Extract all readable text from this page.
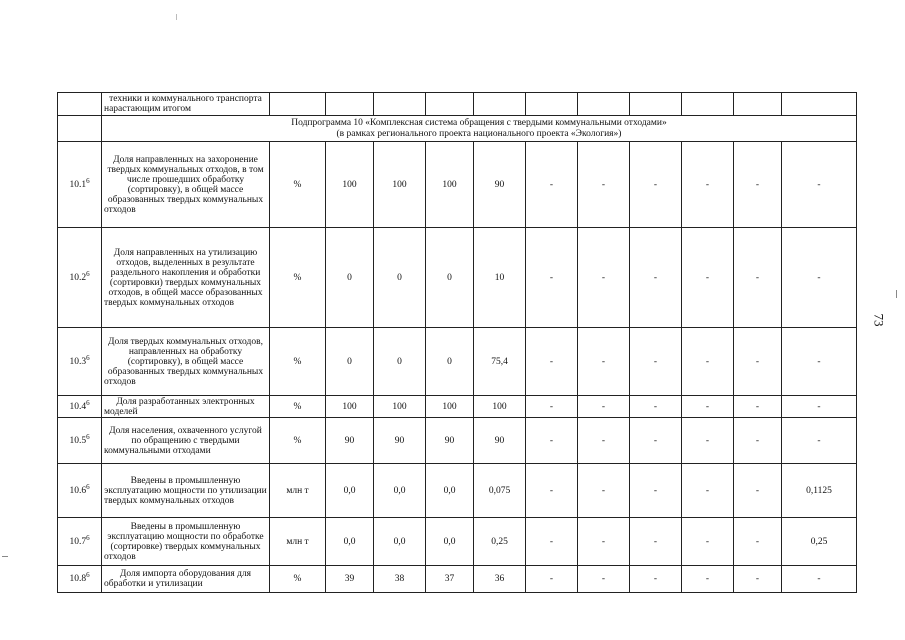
	техники и коммунального транспорта нарастающим итогом											

	Подпрограмма 10 «Комплексная система обращения с твердыми коммунальными отходами»
(в рамках регионального проекта национального проекта «Экология»)											

10.1$^6$	Доля направленных на захоронение твердых коммунальных отходов, в том числе прошедших обработку (сортировку), в общей массе образованных твердых коммунальных отходов	%	100	100	100	90	-	-	-	-	-	-
10.2$^6$	Доля направленных на утилизацию отходов, выделенных в результате раздельного накопления и обработки (сортировки) твердых коммунальных отходов, в общей массе образованных твердых коммунальных отходов	%	0	0	0	10	-	-	-	-	-	-
10.3$^6$	Доля твердых коммунальных отходов, направленных на обработку (сортировку), в общей массе образованных твердых коммунальных отходов	%	0	0	0	75,4	-	-	-	-	-	-
10.4$^6$	Доля разработанных электронных моделей	%	100	100	100	100	-	-	-	-	-	-
10.5$^6$	Доля населения, охваченного услугой по обращению с твердыми коммунальными отходами	%	90	90	90	90	-	-	-	-	-	-
10.6$^6$	Введены в промышленную эксплуатацию мощности по утилизации твердых коммунальных отходов	млн т	0,0	0,0	0,0	0,075	-	-	-	-	-	0,1125
10.7$^6$	Введены в промышленную эксплуатацию мощности по обработке (сортировке) твердых коммунальных отходов	млн т	0,0	0,0	0,0	0,25	-	-	-	-	-	0,25
10.8$^6$	Доля импорта оборудования для обработки и утилизации	%	39	38	37	36	-	-	-	-	-	-
73
